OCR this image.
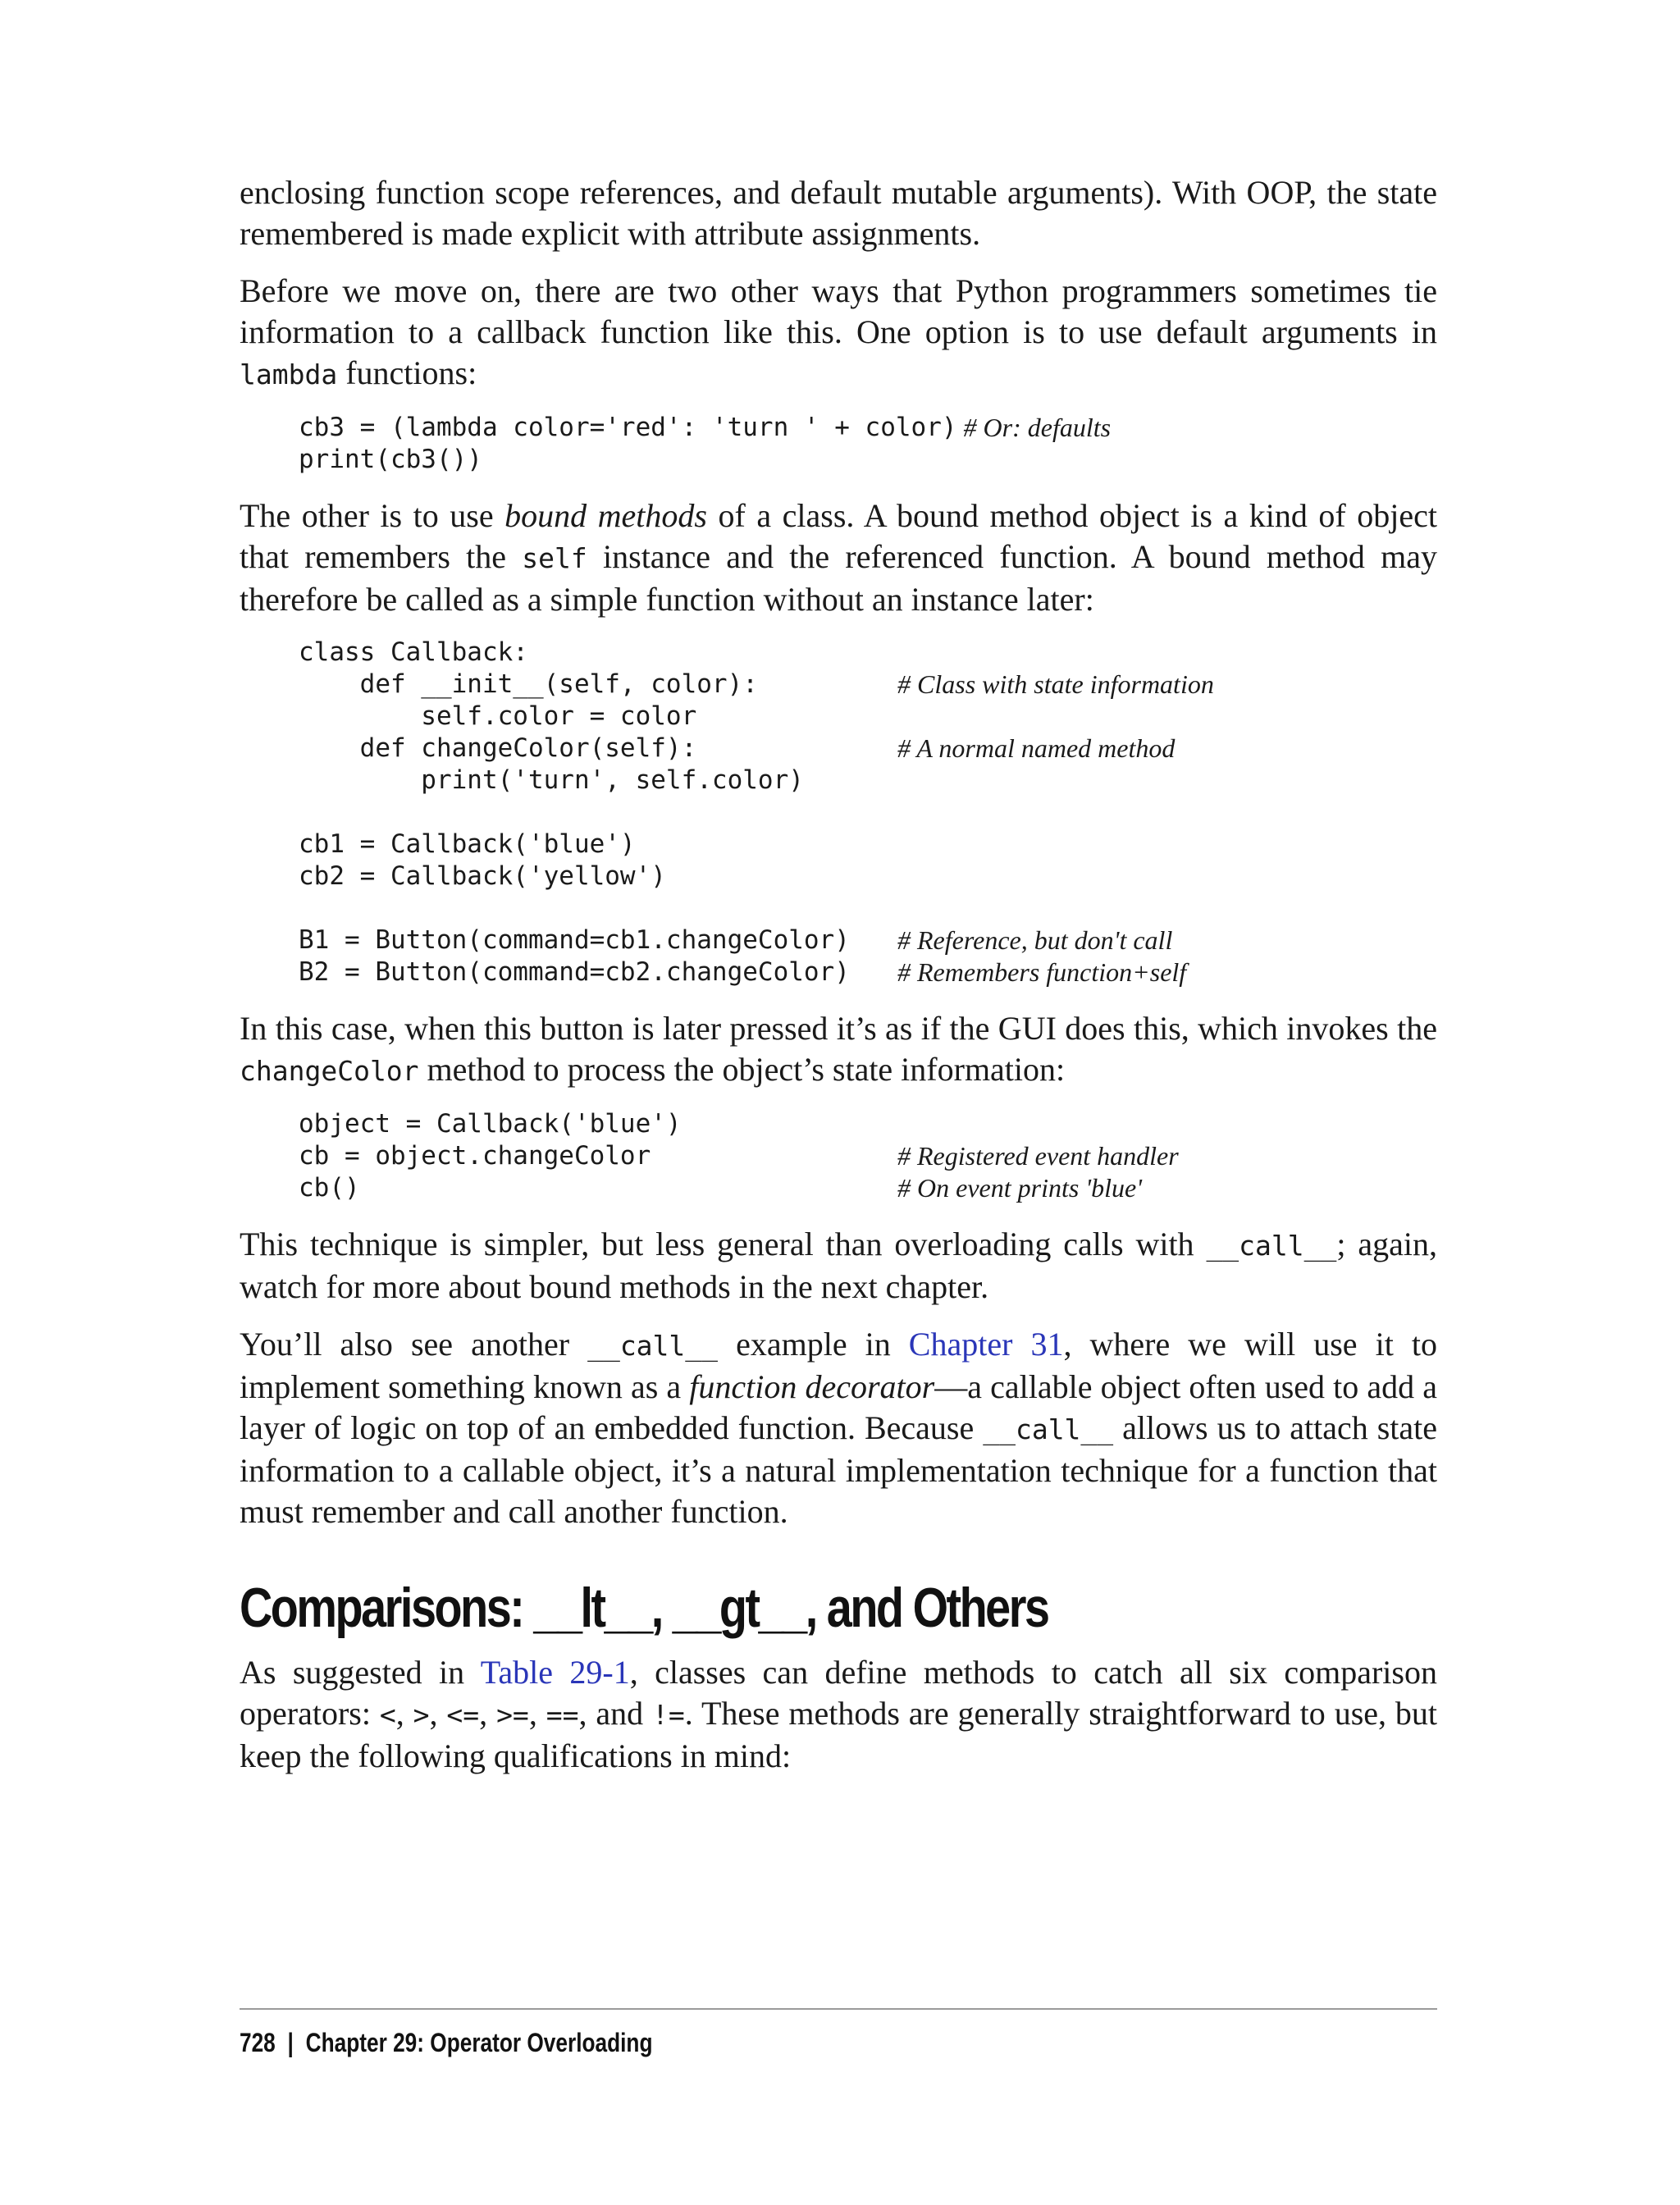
enclosing function scope references, and default mutable arguments). With OOP, the state remembered is made explicit with attribute assignments.

Before we move on, there are two other ways that Python programmers sometimes tie information to a callback function like this. One option is to use default arguments in lambda functions:

cb3 = (lambda color='red': 'turn ' + color) # Or: defaults
print(cb3())

The other is to use bound methods of a class. A bound method object is a kind of object that remembers the self instance and the referenced function. A bound method may therefore be called as a simple function without an instance later:

class Callback:
def __init__(self, color):	# Class with state information
self.color = color
def changeColor(self):	# A normal named method
print('turn', self.color)
cb1 = Callback('blue')
cb2 = Callback('yellow')
B1 = Button(command=cb1.changeColor)	# Reference, but don't call
B2 = Button(command=cb2.changeColor)	# Remembers function+self

In this case, when this button is later pressed it’s as if the GUI does this, which invokes the changeColor method to process the object’s state information:

object = Callback('blue')
cb = object.changeColor	# Registered event handler
cb()	# On event prints 'blue'

This technique is simpler, but less general than overloading calls with __call__; again, watch for more about bound methods in the next chapter.

You’ll also see another __call__ example in Chapter 31, where we will use it to implement something known as a function decorator—a callable object often used to add a layer of logic on top of an embedded function. Because __call__ allows us to attach state information to a callable object, it’s a natural implementation technique for a function that must remember and call another function.

Comparisons: __lt__, __gt__, and Others

As suggested in Table 29-1, classes can define methods to catch all six comparison operators: <, >, <=, >=, ==, and !=. These methods are generally straightforward to use, but keep the following qualifications in mind:

728 | Chapter 29: Operator Overloading
